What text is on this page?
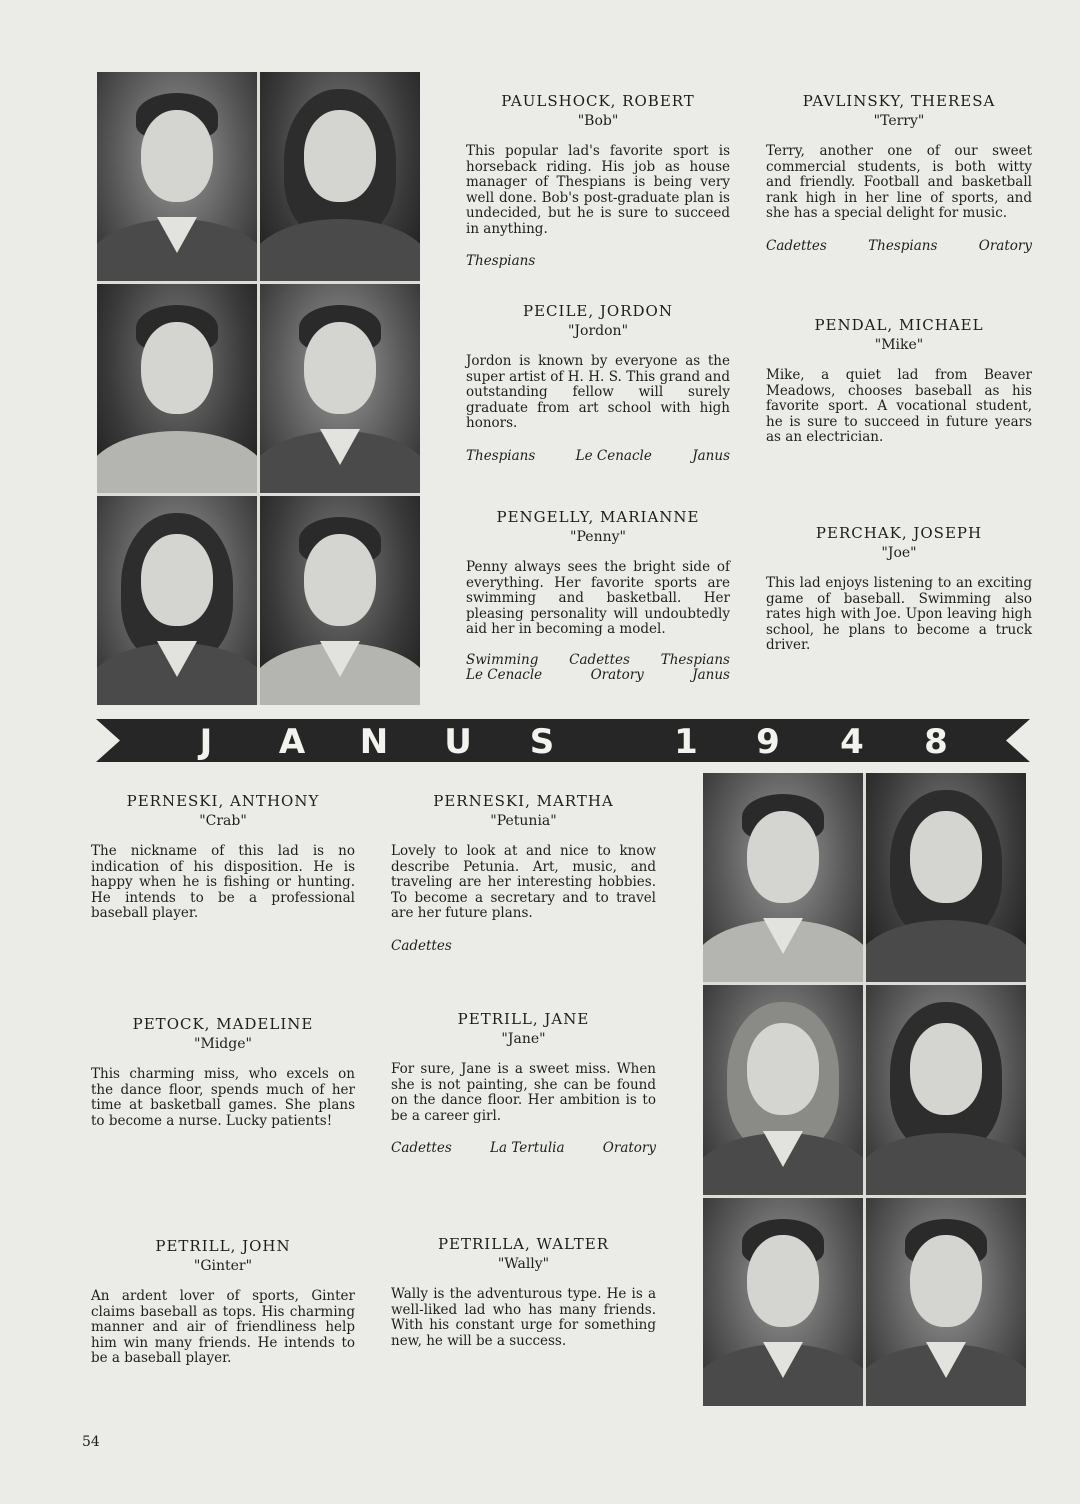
PAULSHOCK, ROBERT
"Bob"
This popular lad's favorite sport is horseback riding. His job as house manager of Thespians is being very well done. Bob's post-graduate plan is undecided, but he is sure to succeed in anything.
Thespians
PAVLINSKY, THERESA
"Terry"
Terry, another one of our sweet commercial students, is both witty and friendly. Football and basketball rank high in her line of sports, and she has a special delight for music.
Cadettes	Thespians	Oratory
PECILE, JORDON
"Jordon"
Jordon is known by everyone as the super artist of H. H. S. This grand and outstanding fellow will surely graduate from art school with high honors.
Thespians	Le Cenacle	Janus
PENDAL, MICHAEL
"Mike"
Mike, a quiet lad from Beaver Meadows, chooses baseball as his favorite sport. A vocational student, he is sure to succeed in future years as an electrician.
PENGELLY, MARIANNE
"Penny"
Penny always sees the bright side of everything. Her favorite sports are swimming and basketball. Her pleasing personality will undoubtedly aid her in becoming a model.
Swimming Cadettes Thespians
Le Cenacle	Oratory	Janus
PERCHAK, JOSEPH
"Joe"
This lad enjoys listening to an exciting game of baseball. Swimming also rates high with Joe. Upon leaving high school, he plans to become a truck driver.
J A N U S	1 9 4 8
PERNESKI, ANTHONY
"Crab"
The nickname of this lad is no indication of his disposition. He is happy when he is fishing or hunting. He intends to be a professional baseball player.
PERNESKI, MARTHA
"Petunia"
Lovely to look at and nice to know describe Petunia. Art, music, and traveling are her interesting hobbies. To become a secretary and to travel are her future plans.
Cadettes
PETOCK, MADELINE
"Midge"
This charming miss, who excels on the dance floor, spends much of her time at basketball games. She plans to become a nurse. Lucky patients!
PETRILL, JANE
"Jane"
For sure, Jane is a sweet miss. When she is not painting, she can be found on the dance floor. Her ambition is to be a career girl.
Cadettes	La Tertulia	Oratory
PETRILL, JOHN
"Ginter"
An ardent lover of sports, Ginter claims baseball as tops. His charming manner and air of friendliness help him win many friends. He intends to be a baseball player.
PETRILLA, WALTER
"Wally"
Wally is the adventurous type. He is a well-liked lad who has many friends. With his constant urge for something new, he will be a success.
54
